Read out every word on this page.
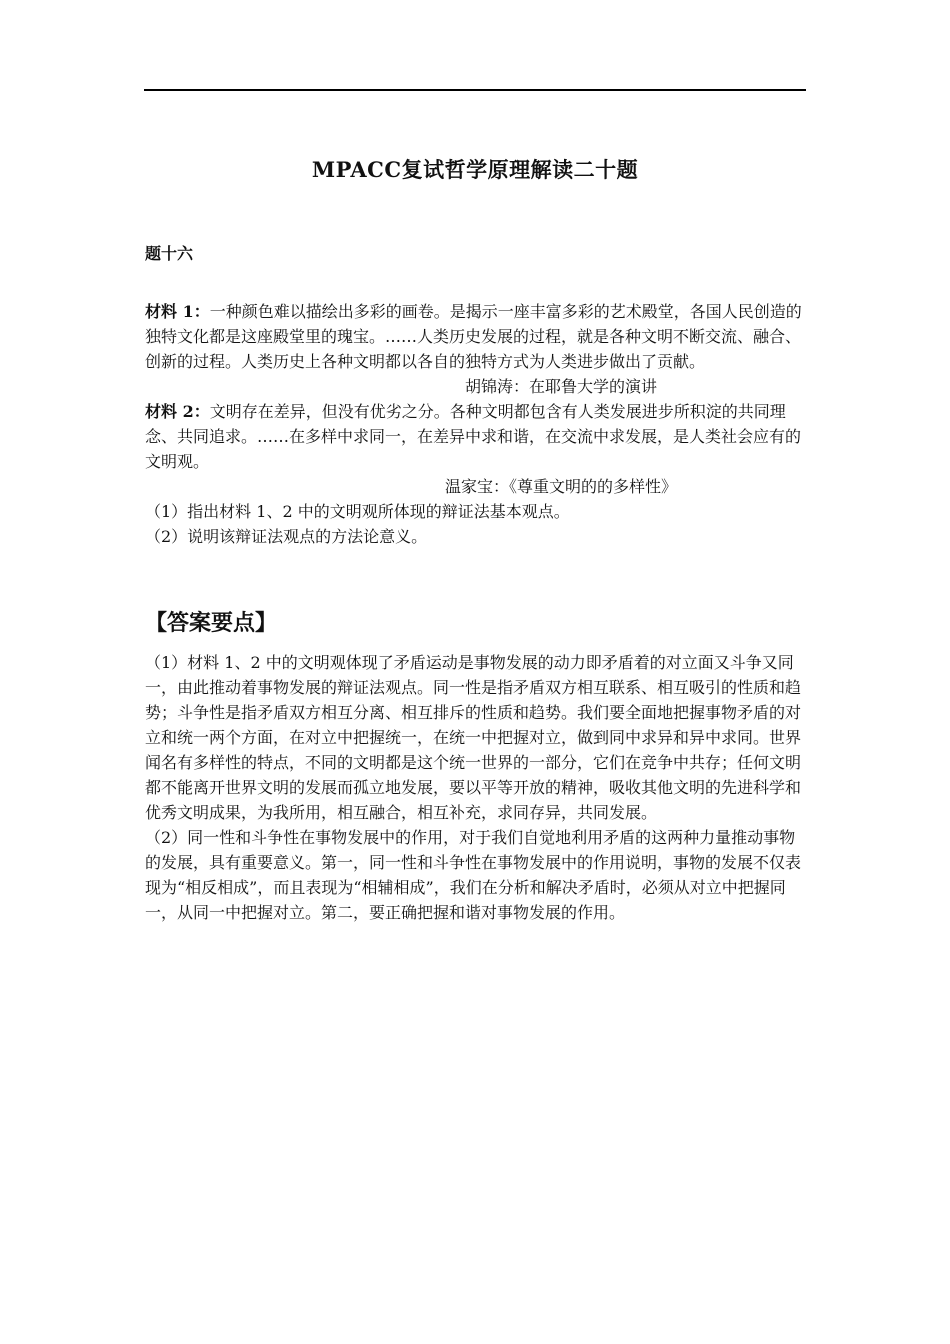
MPACC复试哲学原理解读二十题
题十六

材料 1：一种颜色难以描绘出多彩的画卷。是揭示一座丰富多彩的艺术殿堂，各国人民创造的独特文化都是这座殿堂里的瑰宝。……人类历史发展的过程，就是各种文明不断交流、融合、创新的过程。人类历史上各种文明都以各自的独特方式为人类进步做出了贡献。

胡锦涛：在耶鲁大学的演讲

材料 2：文明存在差异，但没有优劣之分。各种文明都包含有人类发展进步所积淀的共同理念、共同追求。……在多样中求同一，在差异中求和谐，在交流中求发展，是人类社会应有的文明观。

温家宝：《尊重文明的的多样性》

（1）指出材料 1、2 中的文明观所体现的辩证法基本观点。

（2）说明该辩证法观点的方法论意义。

【答案要点】

（1）材料 1、2 中的文明观体现了矛盾运动是事物发展的动力即矛盾着的对立面又斗争又同一，由此推动着事物发展的辩证法观点。同一性是指矛盾双方相互联系、相互吸引的性质和趋势；斗争性是指矛盾双方相互分离、相互排斥的性质和趋势。我们要全面地把握事物矛盾的对立和统一两个方面，在对立中把握统一，在统一中把握对立，做到同中求异和异中求同。世界闻名有多样性的特点，不同的文明都是这个统一世界的一部分，它们在竞争中共存；任何文明都不能离开世界文明的发展而孤立地发展，要以平等开放的精神，吸收其他文明的先进科学和优秀文明成果，为我所用，相互融合，相互补充，求同存异，共同发展。

（2）同一性和斗争性在事物发展中的作用，对于我们自觉地利用矛盾的这两种力量推动事物的发展，具有重要意义。第一，同一性和斗争性在事物发展中的作用说明，事物的发展不仅表现为“相反相成”，而且表现为“相辅相成”，我们在分析和解决矛盾时，必须从对立中把握同一，从同一中把握对立。第二，要正确把握和谐对事物发展的作用。
